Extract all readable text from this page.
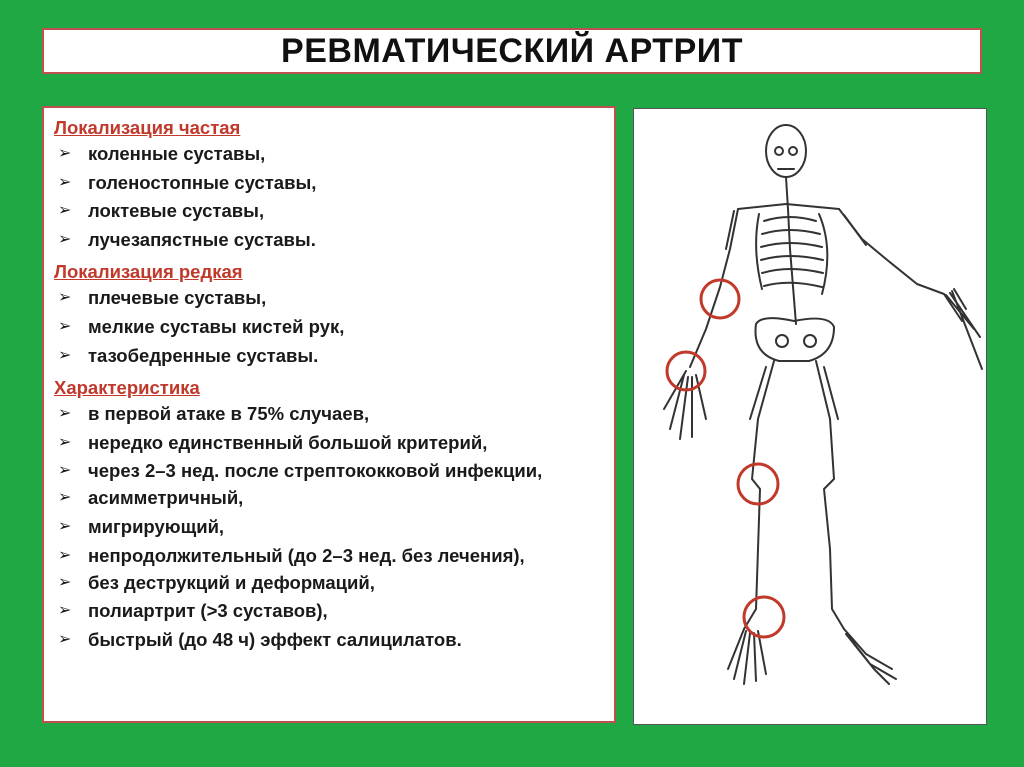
РЕВМАТИЧЕСКИЙ АРТРИТ

Локализация частая

➢ коленные суставы,
➢ голеностопные суставы,
➢ локтевые суставы,
➢ лучезапястные суставы.

Локализация редкая

➢ плечевые суставы,
➢ мелкие суставы кистей рук,
➢ тазобедренные суставы.

Характеристика

➢ в первой атаке в 75% случаев,
➢ нередко единственный большой критерий,
➢ через 2–3 нед. после стрептококковой инфекции,
➢ асимметричный,
➢ мигрирующий,
➢ непродолжительный (до 2–3 нед. без лечения),
➢ без деструкций и деформаций,
➢ полиартрит (>3 суставов),
➢ быстрый (до 48 ч) эффект салицилатов.
